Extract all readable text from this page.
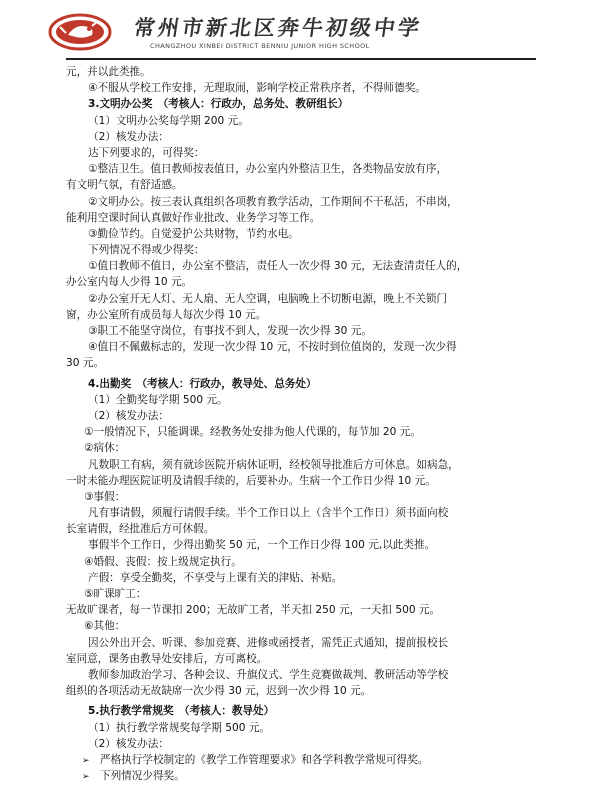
常州市新北区奔牛初级中学
CHANGZHOU XINBEI DISTRICT BENNIU JUNIOR HIGH SCHOOL
元，并以此类推。
④不服从学校工作安排，无理取闹，影响学校正常秩序者，不得师德奖。
3.文明办公奖　（考核人：行政办，总务处、教研组长）
（1）文明办公奖每学期 200 元。
（2）核发办法：
达下列要求的，可得奖：
①整洁卫生。值日教师按表值日，办公室内外整洁卫生，各类物品安放有序，
有文明气氛，有舒适感。
②文明办公。按三表认真组织各项教育教学活动，工作期间不干私活，不串岗，
能利用空课时间认真做好作业批改、业务学习等工作。
③勤俭节约。自觉爱护公共财物，节约水电。
下列情况不得或少得奖：
①值日教师不值日，办公室不整洁，责任人一次少得 30 元，无法查清责任人的，
办公室内每人少得 10 元。
②办公室开无人灯、无人扇、无人空调，电脑晚上不切断电源，晚上不关锁门
窗，办公室所有成员每人每次少得 10 元。
③职工不能坚守岗位，有事找不到人，发现一次少得 30 元。
④值日不佩戴标志的，发现一次少得 10 元，不按时到位值岗的，发现一次少得
30 元。
4.出勤奖　（考核人：行政办，教导处、总务处）
（1）全勤奖每学期 500 元。
（2）核发办法：
①一般情况下，只能调课。经教务处安排为他人代课的，每节加 20 元。
②病休：
凡数职工有病，须有就诊医院开病休证明，经校领导批准后方可休息。如病急，
一时未能办理医院证明及请假手续的，后要补办。生病一个工作日少得 10 元。
③事假：
凡有事请假，须履行请假手续。半个工作日以上（含半个工作日）须书面向校
长室请假，经批准后方可休假。
事假半个工作日，少得出勤奖 50 元，一个工作日少得 100 元,以此类推。
④婚假、丧假：按上级规定执行。
产假：享受全勤奖，不享受与上课有关的津贴、补贴。
⑤旷课旷工：
无故旷课者，每一节课扣 200；无故旷工者，半天扣 250 元，一天扣 500 元。
⑥其他：
因公外出开会、听课、参加竞赛、进修或函授者，需凭正式通知，提前报校长
室同意，课务由教导处安排后，方可离校。
教师参加政治学习、各种会议、升旗仪式、学生竞赛做裁判、教研活动等学校
组织的各项活动无故缺席一次少得 30 元，迟到一次少得 10 元。
5.执行教学常规奖　（考核人：教导处）
（1）执行教学常规奖每学期 500 元。
（2）核发办法：
➢ 严格执行学校制定的《教学工作管理要求》和各学科教学常规可得奖。
➢ 下列情况少得奖。
